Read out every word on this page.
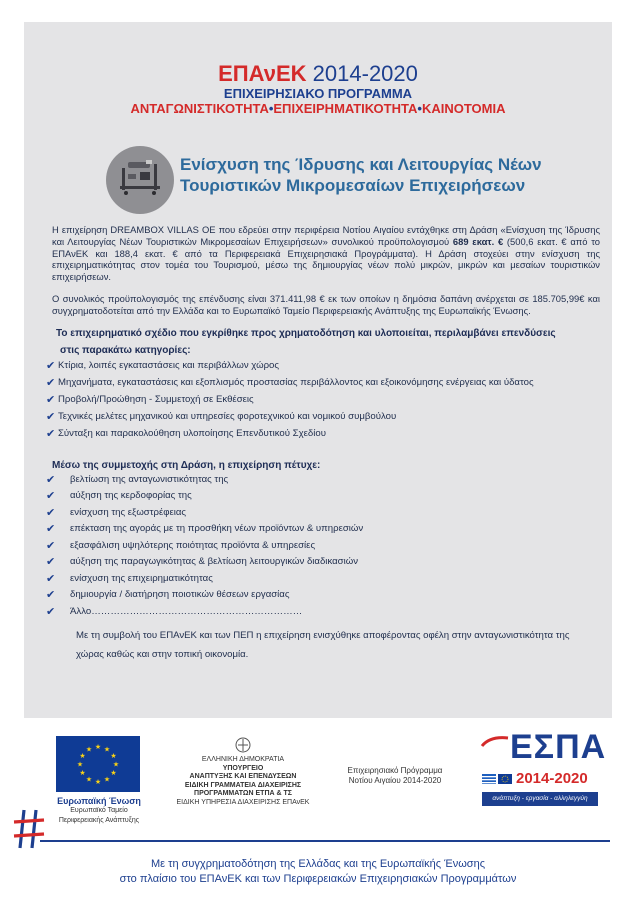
ΕΠΑνΕΚ 2014-2020
ΕΠΙΧΕΙΡΗΣΙΑΚΟ ΠΡΟΓΡΑΜΜΑ
ΑΝΤΑΓΩΝΙΣΤΙΚΟΤΗΤΑ•ΕΠΙΧΕΙΡΗΜΑΤΙΚΟΤΗΤΑ•ΚΑΙΝΟΤΟΜΙΑ
Ενίσχυση της Ίδρυσης και Λειτουργίας Νέων
Τουριστικών Μικρομεσαίων Επιχειρήσεων
Η επιχείρηση DREAMBOX VILLAS OE που εδρεύει στην περιφέρεια Νοτίου Αιγαίου εντάχθηκε στη Δράση «Ενίσχυση της Ίδρυσης και Λειτουργίας Νέων Τουριστικών Μικρομεσαίων Επιχειρήσεων» συνολικού προϋπολογισμού 689 εκατ. € (500,6 εκατ. € από το ΕΠΑνΕΚ και 188,4 εκατ. € από τα Περιφερειακά Επιχειρησιακά Προγράμματα). Η Δράση στοχεύει στην ενίσχυση της επιχειρηματικότητας στον τομέα του Τουρισμού, μέσω της δημιουργίας νέων πολύ μικρών, μικρών και μεσαίων τουριστικών επιχειρήσεων.
Ο συνολικός προϋπολογισμός της επένδυσης είναι 371.411,98 € εκ των οποίων η δημόσια δαπάνη ανέρχεται σε 185.705,99€ και συγχρηματοδοτείται από την Ελλάδα και το Ευρωπαϊκό Ταμείο Περιφερειακής Ανάπτυξης της Ευρωπαϊκής Ένωσης.
Το επιχειρηματικό σχέδιο που εγκρίθηκε προς χρηματοδότηση και υλοποιείται, περιλαμβάνει επενδύσεις
στις παρακάτω κατηγορίες:
✔ Κτίρια, λοιπές εγκαταστάσεις και περιβάλλων χώρος
✔ Μηχανήματα, εγκαταστάσεις και εξοπλισμός προστασίας περιβάλλοντος και εξοικονόμησης ενέργειας και ύδατος
✔ Προβολή/Προώθηση - Συμμετοχή σε Εκθέσεις
✔ Τεχνικές μελέτες μηχανικού και υπηρεσίες φοροτεχνικού και νομικού συμβούλου
✔ Σύνταξη και παρακολούθηση υλοποίησης Επενδυτικού Σχεδίου
Μέσω της συμμετοχής στη Δράση, η επιχείρηση πέτυχε:
✔	βελτίωση της ανταγωνιστικότητας της
✔	αύξηση της κερδοφορίας της
✔	ενίσχυση της εξωστρέφειας
✔	επέκταση της αγοράς με τη προσθήκη νέων προϊόντων & υπηρεσιών
✔	εξασφάλιση υψηλότερης ποιότητας προϊόντα & υπηρεσίες
✔	αύξηση της παραγωγικότητας & βελτίωση λειτουργικών διαδικασιών
✔	ενίσχυση της επιχειρηματικότητας
✔	δημιουργία / διατήρηση ποιοτικών θέσεων εργασίας
✔	Άλλο…………………………………………………………
Με τη συμβολή του ΕΠΑνΕΚ και των ΠΕΠ η επιχείρηση ενισχύθηκε αποφέροντας οφέλη στην ανταγωνιστικότητα της χώρας καθώς και στην τοπική οικονομία.
★ ★
★
★
★
★
★
★
★
★
★
★
Ευρωπαϊκή Ένωση
Ευρωπαϊκό Ταμείο
Περιφερειακής Ανάπτυξης
ΕΛΛΗΝΙΚΗ ΔΗΜΟΚΡΑΤΙΑ
ΥΠΟΥΡΓΕΙΟ
ΑΝΑΠΤΥΞΗΣ ΚΑΙ ΕΠΕΝΔΥΣΕΩΝ
ΕΙΔΙΚΗ ΓΡΑΜΜΑΤΕΙΑ ΔΙΑΧΕΙΡΙΣΗΣ
ΠΡΟΓΡΑΜΜΑΤΩΝ ΕΤΠΑ & ΤΣ
ΕΙΔΙΚΗ ΥΠΗΡΕΣΙΑ ΔΙΑΧΕΙΡΙΣΗΣ ΕΠΑνΕΚ
Επιχειρησιακό Πρόγραμμα
Νοτίου Αιγαίου 2014-2020
ΕΣΠΑ
2014-2020
ανάπτυξη - εργασία - αλληλεγγύη
Με τη συγχρηματοδότηση της Ελλάδας και της Ευρωπαϊκής Ένωσης
στο πλαίσιο του ΕΠΑνΕΚ και των Περιφερειακών Επιχειρησιακών Προγραμμάτων
